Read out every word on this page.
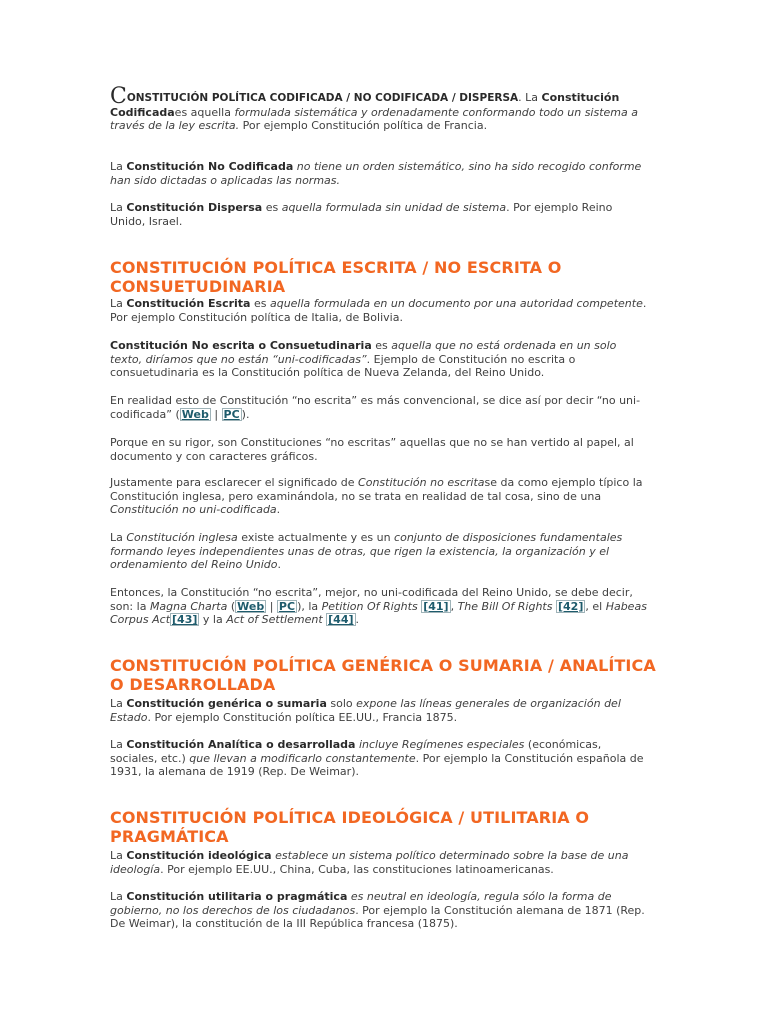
CONSTITUCIÓN POLÍTICA CODIFICADA / NO CODIFICADA / DISPERSA. La Constitución Codificadaes aquella formulada sistemática y ordenadamente conformando todo un sistema a través de la ley escrita. Por ejemplo Constitución política de Francia.

La Constitución No Codificada no tiene un orden sistemático, sino ha sido recogido conforme han sido dictadas o aplicadas las normas.

La Constitución Dispersa es aquella formulada sin unidad de sistema. Por ejemplo Reino Unido, Israel.

CONSTITUCIÓN POLÍTICA ESCRITA / NO ESCRITA O CONSUETUDINARIA

La Constitución Escrita es aquella formulada en un documento por una autoridad competente. Por ejemplo Constitución política de Italia, de Bolivia.

Constitución No escrita o Consuetudinaria es aquella que no está ordenada en un solo texto, diríamos que no están “uni-codificadas”. Ejemplo de Constitución no escrita o consuetudinaria es la Constitución política de Nueva Zelanda, del Reino Unido.

En realidad esto de Constitución “no escrita” es más convencional, se dice así por decir “no uni-codificada” ( Web | PC ).

Porque en su rigor, son Constituciones “no escritas” aquellas que no se han vertido al papel, al documento y con caracteres gráficos.

Justamente para esclarecer el significado de Constitución no escritase da como ejemplo típico la Constitución inglesa, pero examinándola, no se trata en realidad de tal cosa, sino de una Constitución no uni-codificada.

La Constitución inglesa existe actualmente y es un conjunto de disposiciones fundamentales formando leyes independientes unas de otras, que rigen la existencia, la organización y el ordenamiento del Reino Unido.

Entonces, la Constitución “no escrita”, mejor, no uni-codificada del Reino Unido, se debe decir, son: la Magna Charta ( Web | PC ), la Petition Of Rights [41] , The Bill Of Rights [42] , el Habeas Corpus Act [43] y la Act of Settlement [44] .

CONSTITUCIÓN POLÍTICA GENÉRICA O SUMARIA / ANALÍTICA O DESARROLLADA

La Constitución genérica o sumaria solo expone las líneas generales de organización del Estado. Por ejemplo Constitución política EE.UU., Francia 1875.

La Constitución Analítica o desarrollada incluye Regímenes especiales (económicas, sociales, etc.) que llevan a modificarlo constantemente. Por ejemplo la Constitución española de 1931, la alemana de 1919 (Rep. De Weimar).

CONSTITUCIÓN POLÍTICA IDEOLÓGICA / UTILITARIA O PRAGMÁTICA

La Constitución ideológica establece un sistema político determinado sobre la base de una ideología. Por ejemplo EE.UU., China, Cuba, las constituciones latinoamericanas.

La Constitución utilitaria o pragmática es neutral en ideología, regula sólo la forma de gobierno, no los derechos de los ciudadanos. Por ejemplo la Constitución alemana de 1871 (Rep. De Weimar), la constitución de la III República francesa (1875).
